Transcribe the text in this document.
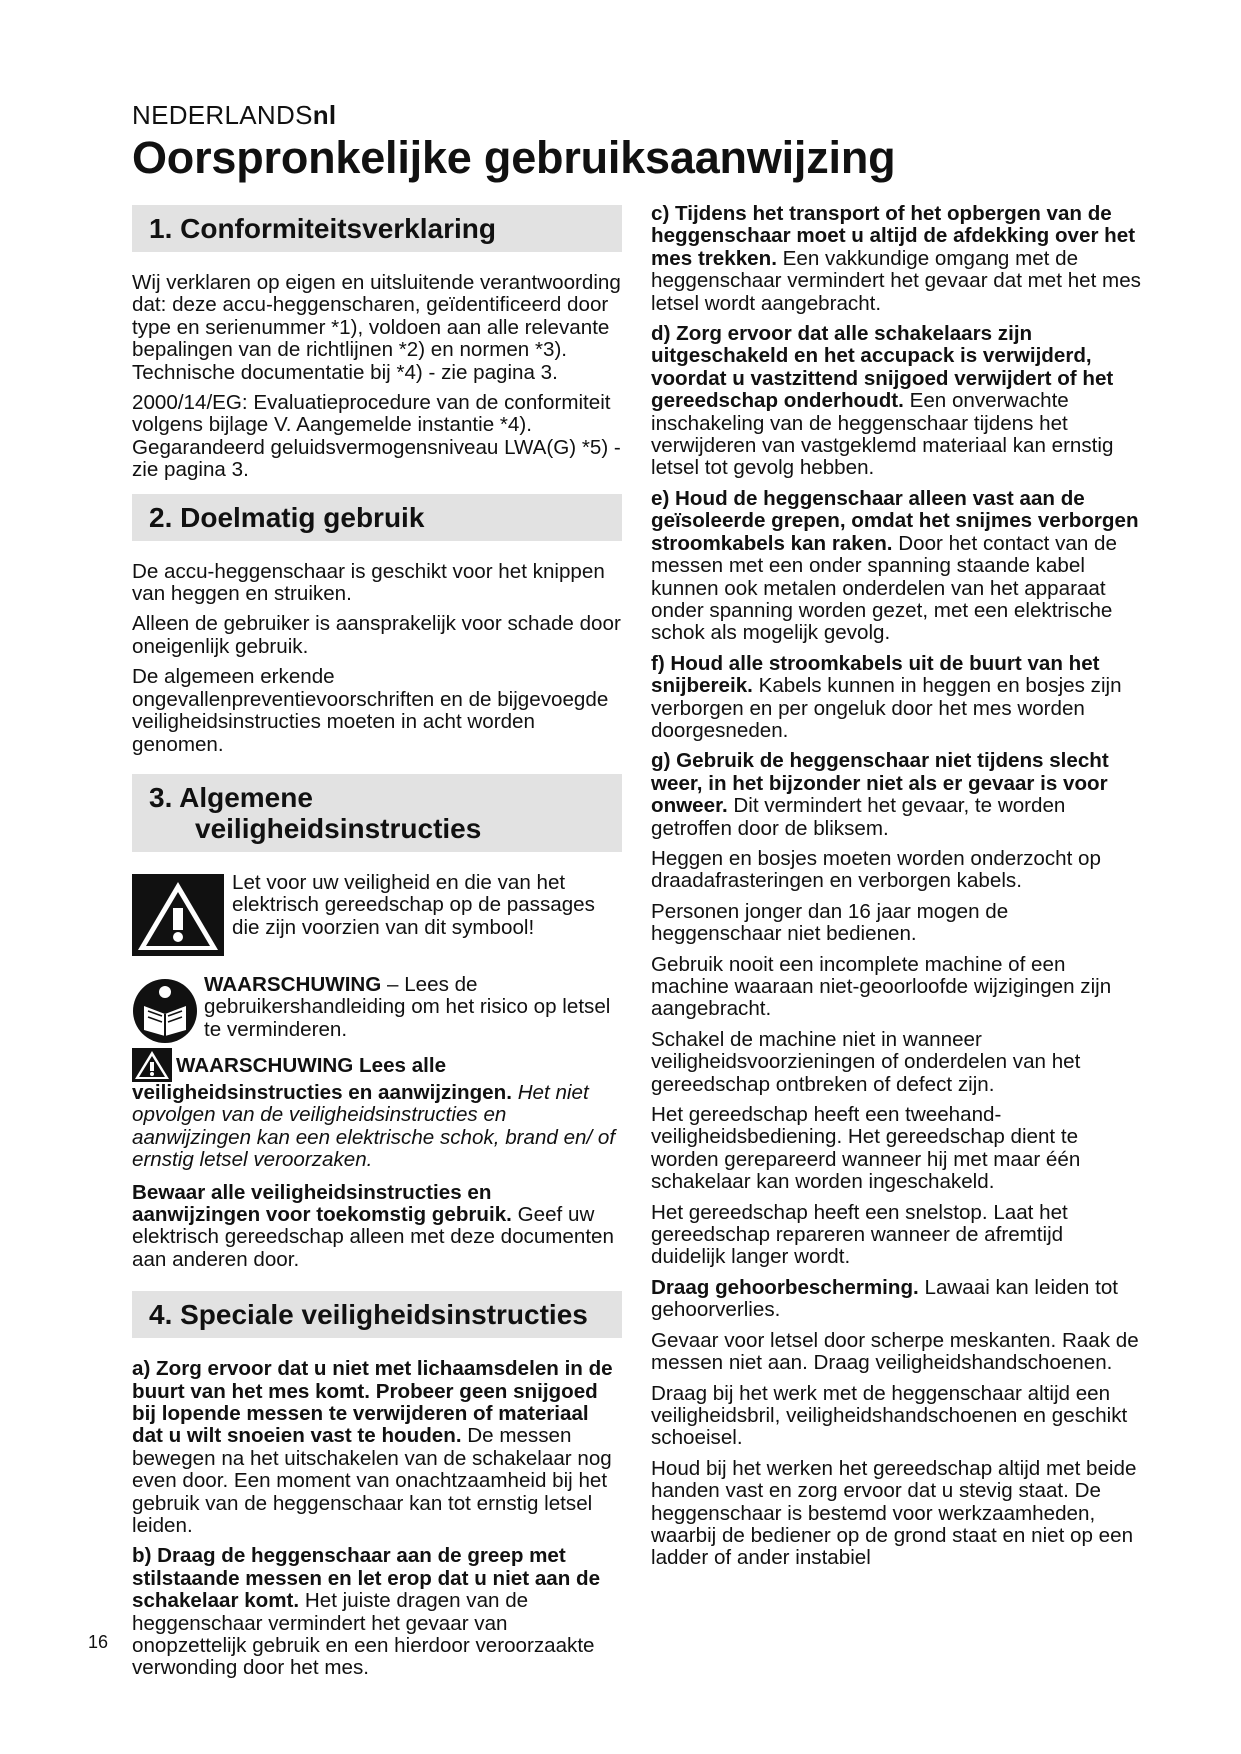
NEDERLANDSnl
Oorspronkelijke gebruiksaanwijzing
1. Conformiteitsverklaring

Wij verklaren op eigen en uitsluitende verantwoording dat: deze accu-heggenscharen, geïdentificeerd door type en serienummer *1), voldoen aan alle relevante bepalingen van de richtlijnen *2) en normen *3). Technische documentatie bij *4) - zie pagina 3.

2000/14/EG: Evaluatieprocedure van de conformiteit volgens bijlage V. Aangemelde instantie *4). Gegarandeerd geluidsvermogensniveau LWA(G) *5) - zie pagina 3.

2. Doelmatig gebruik

De accu-heggenschaar is geschikt voor het knippen van heggen en struiken.

Alleen de gebruiker is aansprakelijk voor schade door oneigenlijk gebruik.

De algemeen erkende ongevallenpreventievoorschriften en de bijgevoegde veiligheidsinstructies moeten in acht worden genomen.

3. Algemene
veiligheidsinstructies
Let voor uw veiligheid en die van het elektrisch gereedschap op de passages die zijn voorzien van dit symbool!
WAARSCHUWING – Lees de gebruikershandleiding om het risico op letsel te verminderen.

WAARSCHUWING Lees alle veiligheidsinstructies en aanwijzingen. Het niet opvolgen van de veiligheidsinstructies en aanwijzingen kan een elektrische schok, brand en/ of ernstig letsel veroorzaken.

Bewaar alle veiligheidsinstructies en aanwijzingen voor toekomstig gebruik. Geef uw elektrisch gereedschap alleen met deze documenten aan anderen door.

4. Speciale veiligheidsinstructies

a) Zorg ervoor dat u niet met lichaamsdelen in de buurt van het mes komt. Probeer geen snijgoed bij lopende messen te verwijderen of materiaal dat u wilt snoeien vast te houden. De messen bewegen na het uitschakelen van de schakelaar nog even door. Een moment van onachtzaamheid bij het gebruik van de heggenschaar kan tot ernstig letsel leiden.

b) Draag de heggenschaar aan de greep met stilstaande messen en let erop dat u niet aan de schakelaar komt. Het juiste dragen van de heggenschaar vermindert het gevaar van onopzettelijk gebruik en een hierdoor veroorzaakte verwonding door het mes.

c) Tijdens het transport of het opbergen van de heggenschaar moet u altijd de afdekking over het mes trekken. Een vakkundige omgang met de heggenschaar vermindert het gevaar dat met het mes letsel wordt aangebracht.

d) Zorg ervoor dat alle schakelaars zijn uitgeschakeld en het accupack is verwijderd, voordat u vastzittend snijgoed verwijdert of het gereedschap onderhoudt. Een onverwachte inschakeling van de heggenschaar tijdens het verwijderen van vastgeklemd materiaal kan ernstig letsel tot gevolg hebben.

e) Houd de heggenschaar alleen vast aan de geïsoleerde grepen, omdat het snijmes verborgen stroomkabels kan raken. Door het contact van de messen met een onder spanning staande kabel kunnen ook metalen onderdelen van het apparaat onder spanning worden gezet, met een elektrische schok als mogelijk gevolg.

f) Houd alle stroomkabels uit de buurt van het snijbereik. Kabels kunnen in heggen en bosjes zijn verborgen en per ongeluk door het mes worden doorgesneden.

g) Gebruik de heggenschaar niet tijdens slecht weer, in het bijzonder niet als er gevaar is voor onweer. Dit vermindert het gevaar, te worden getroffen door de bliksem.

Heggen en bosjes moeten worden onderzocht op draadafrasteringen en verborgen kabels.

Personen jonger dan 16 jaar mogen de heggenschaar niet bedienen.

Gebruik nooit een incomplete machine of een machine waaraan niet-geoorloofde wijzigingen zijn aangebracht.

Schakel de machine niet in wanneer veiligheidsvoorzieningen of onderdelen van het gereedschap ontbreken of defect zijn.

Het gereedschap heeft een tweehand-veiligheidsbediening. Het gereedschap dient te worden gerepareerd wanneer hij met maar één schakelaar kan worden ingeschakeld.

Het gereedschap heeft een snelstop. Laat het gereedschap repareren wanneer de afremtijd duidelijk langer wordt.

Draag gehoorbescherming. Lawaai kan leiden tot gehoorverlies.

Gevaar voor letsel door scherpe meskanten. Raak de messen niet aan. Draag veiligheidshandschoenen.

Draag bij het werk met de heggenschaar altijd een veiligheidsbril, veiligheidshandschoenen en geschikt schoeisel.

Houd bij het werken het gereedschap altijd met beide handen vast en zorg ervoor dat u stevig staat. De heggenschaar is bestemd voor werkzaamheden, waarbij de bediener op de grond staat en niet op een ladder of ander instabiel

16
